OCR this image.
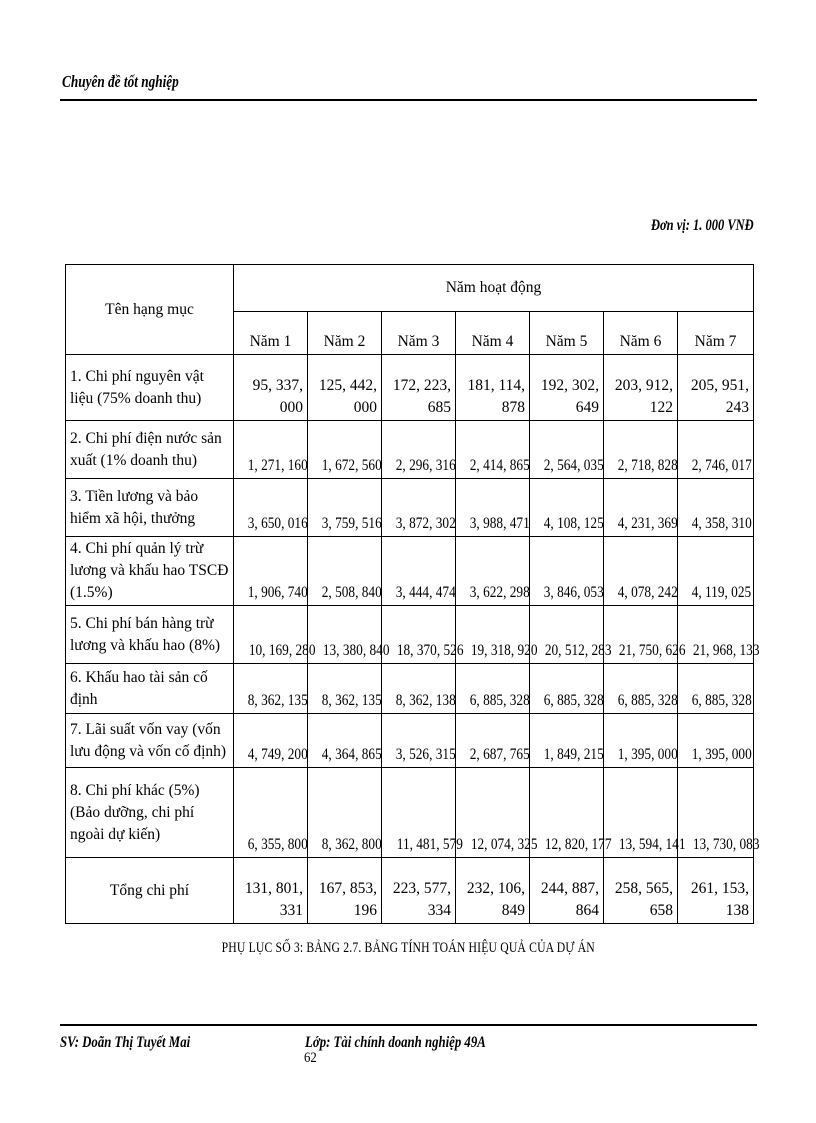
Chuyên đề tốt nghiệp
Đơn vị: 1. 000 VNĐ
Tên hạng mục	Năm hoạt động						
	Năm 1	Năm 2	Năm 3	Năm 4	Năm 5	Năm 6	Năm 7
1. Chi phí nguyên vật liệu (75% doanh thu)	95, 337, 000	125, 442, 000	172, 223, 685	181, 114, 878	192, 302, 649	203, 912, 122	205, 951, 243
2. Chi phí điện nước sản xuất (1% doanh thu)	1, 271, 160	1, 672, 560	2, 296, 316	2, 414, 865	2, 564, 035	2, 718, 828	2, 746, 017
3. Tiền lương và bảo hiểm xã hội, thưởng	3, 650, 016	3, 759, 516	3, 872, 302	3, 988, 471	4, 108, 125	4, 231, 369	4, 358, 310
4. Chi phí quản lý trừ lương và khấu hao TSCĐ (1.5%)	1, 906, 740	2, 508, 840	3, 444, 474	3, 622, 298	3, 846, 053	4, 078, 242	4, 119, 025
5. Chi phí bán hàng trừ lương và khấu hao (8%)	10, 169, 280	13, 380, 840	18, 370, 526	19, 318, 920	20, 512, 283	21, 750, 626	21, 968, 133
6. Khấu hao tài sản cố định	8, 362, 135	8, 362, 135	8, 362, 138	6, 885, 328	6, 885, 328	6, 885, 328	6, 885, 328
7. Lãi suất vốn vay (vốn lưu động và vốn cố định)	4, 749, 200	4, 364, 865	3, 526, 315	2, 687, 765	1, 849, 215	1, 395, 000	1, 395, 000
8. Chi phí khác (5%) (Bảo dưỡng, chi phí ngoài dự kiến)	6, 355, 800	8, 362, 800	11, 481, 579	12, 074, 325	12, 820, 177	13, 594, 141	13, 730, 083
Tổng chi phí	131, 801, 331	167, 853, 196	223, 577, 334	232, 106, 849	244, 887, 864	258, 565, 658	261, 153, 138
PHỤ LỤC SỐ 3: BẢNG 2.7. BẢNG TÍNH TOÁN HIỆU QUẢ CỦA DỰ ÁN
SV: Doãn Thị Tuyết Mai	Lớp: Tài chính doanh nghiệp 49A
62
